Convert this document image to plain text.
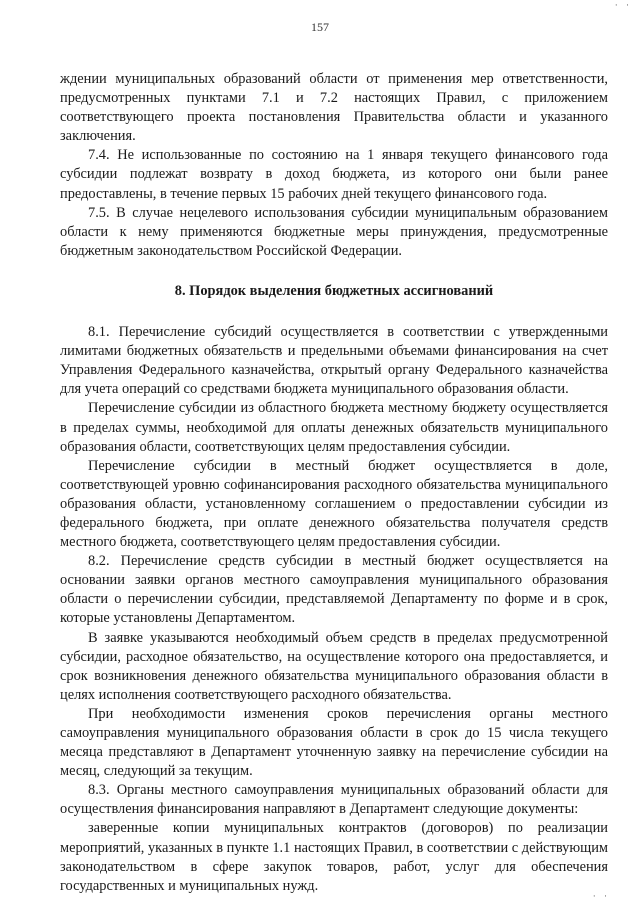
· ·
157

ждении муниципальных образований области от применения мер ответственности, предусмотренных пунктами 7.1 и 7.2 настоящих Правил, с приложением соответствующего проекта постановления Правительства области и указанного заключения.

7.4. Не использованные по состоянию на 1 января текущего финансового года субсидии подлежат возврату в доход бюджета, из которого они были ранее предоставлены, в течение первых 15 рабочих дней текущего финансового года.

7.5. В случае нецелевого использования субсидии муниципальным образованием области к нему применяются бюджетные меры принуждения, предусмотренные бюджетным законодательством Российской Федерации.

8. Порядок выделения бюджетных ассигнований

8.1. Перечисление субсидий осуществляется в соответствии с утвержденными лимитами бюджетных обязательств и предельными объемами финансирования на счет Управления Федерального казначейства, открытый органу Федерального казначейства для учета операций со средствами бюджета муниципального образования области.

Перечисление субсидии из областного бюджета местному бюджету осуществляется в пределах суммы, необходимой для оплаты денежных обязательств муниципального образования области, соответствующих целям предоставления субсидии.

Перечисление субсидии в местный бюджет осуществляется в доле, соответствующей уровню софинансирования расходного обязательства муниципального образования области, установленному соглашением о предоставлении субсидии из федерального бюджета, при оплате денежного обязательства получателя средств местного бюджета, соответствующего целям предоставления субсидии.

8.2. Перечисление средств субсидии в местный бюджет осуществляется на основании заявки органов местного самоуправления муниципального образования области о перечислении субсидии, представляемой Департаменту по форме и в срок, которые установлены Департаментом.

В заявке указываются необходимый объем средств в пределах предусмотренной субсидии, расходное обязательство, на осуществление которого она предоставляется, и срок возникновения денежного обязательства муниципального образования области в целях исполнения соответствующего расходного обязательства.

При необходимости изменения сроков перечисления органы местного самоуправления муниципального образования области в срок до 15 числа текущего месяца представляют в Департамент уточненную заявку на перечисление субсидии на месяц, следующий за текущим.

8.3. Органы местного самоуправления муниципальных образований области для осуществления финансирования направляют в Департамент следующие документы:

заверенные копии муниципальных контрактов (договоров) по реализации мероприятий, указанных в пункте 1.1 настоящих Правил, в соответствии с действующим законодательством в сфере закупок товаров, работ, услуг для обеспечения государственных и муниципальных нужд.

· ·
